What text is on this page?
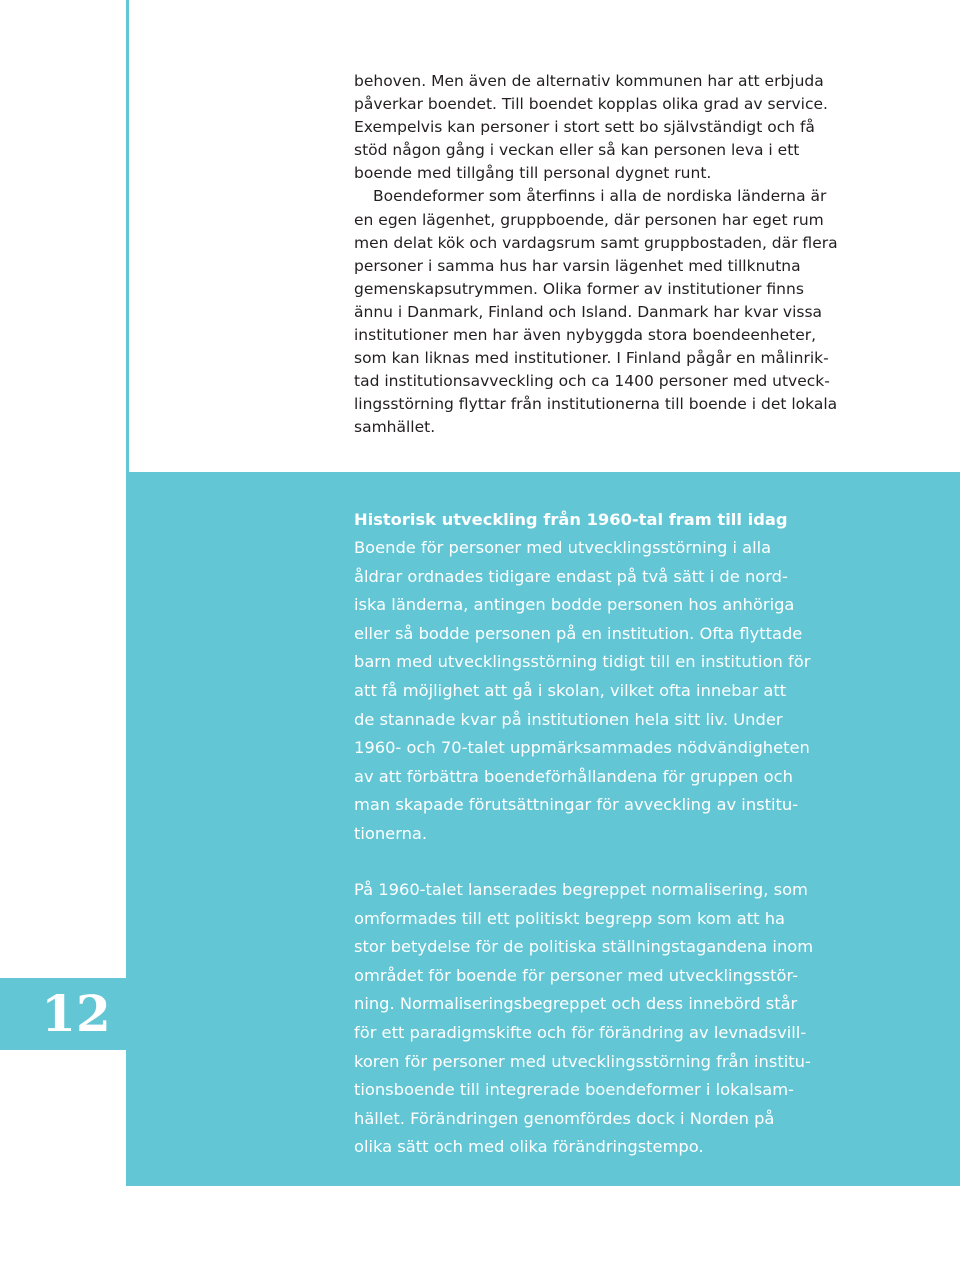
12

behoven. Men även de alternativ kommunen har att erbjuda
påverkar boendet. Till boendet kopplas olika grad av service.
Exempelvis kan personer i stort sett bo självständigt och få
stöd någon gång i veckan eller så kan personen leva i ett
boende med tillgång till personal dygnet runt.

Boendeformer som återfinns i alla de nordiska länderna är
en egen lägenhet, gruppboende, där personen har eget rum
men delat kök och vardagsrum samt gruppbostaden, där flera
personer i samma hus har varsin lägenhet med tillknutna
gemenskapsutrymmen. Olika former av institutioner finns
ännu i Danmark, Finland och Island. Danmark har kvar vissa
institutioner men har även nybyggda stora boendeenheter,
som kan liknas med institutioner. I Finland pågår en målinrik-
tad institutionsavveckling och ca 1400 personer med utveck-
lingsstörning flyttar från institutionerna till boende i det lokala
samhället.

Historisk utveckling från 1960-tal fram till idag

Boende för personer med utvecklingsstörning i alla
åldrar ordnades tidigare endast på två sätt i de nord-
iska länderna, antingen bodde personen hos anhöriga
eller så bodde personen på en institution. Ofta flyttade
barn med utvecklingsstörning tidigt till en institution för
att få möjlighet att gå i skolan, vilket ofta innebar att
de stannade kvar på institutionen hela sitt liv. Under
1960- och 70-talet uppmärksammades nödvändigheten
av att förbättra boendeförhållandena för gruppen och
man skapade förutsättningar för avveckling av institu-
tionerna.

På 1960-talet lanserades begreppet normalisering, som
omformades till ett politiskt begrepp som kom att ha
stor betydelse för de politiska ställningstagandena inom
området för boende för personer med utvecklingsstör-
ning. Normaliseringsbegreppet och dess innebörd står
för ett paradigmskifte och för förändring av levnadsvill-
koren för personer med utvecklingsstörning från institu-
tionsboende till integrerade boendeformer i lokalsam-
hället. Förändringen genomfördes dock i Norden på
olika sätt och med olika förändringstempo.
